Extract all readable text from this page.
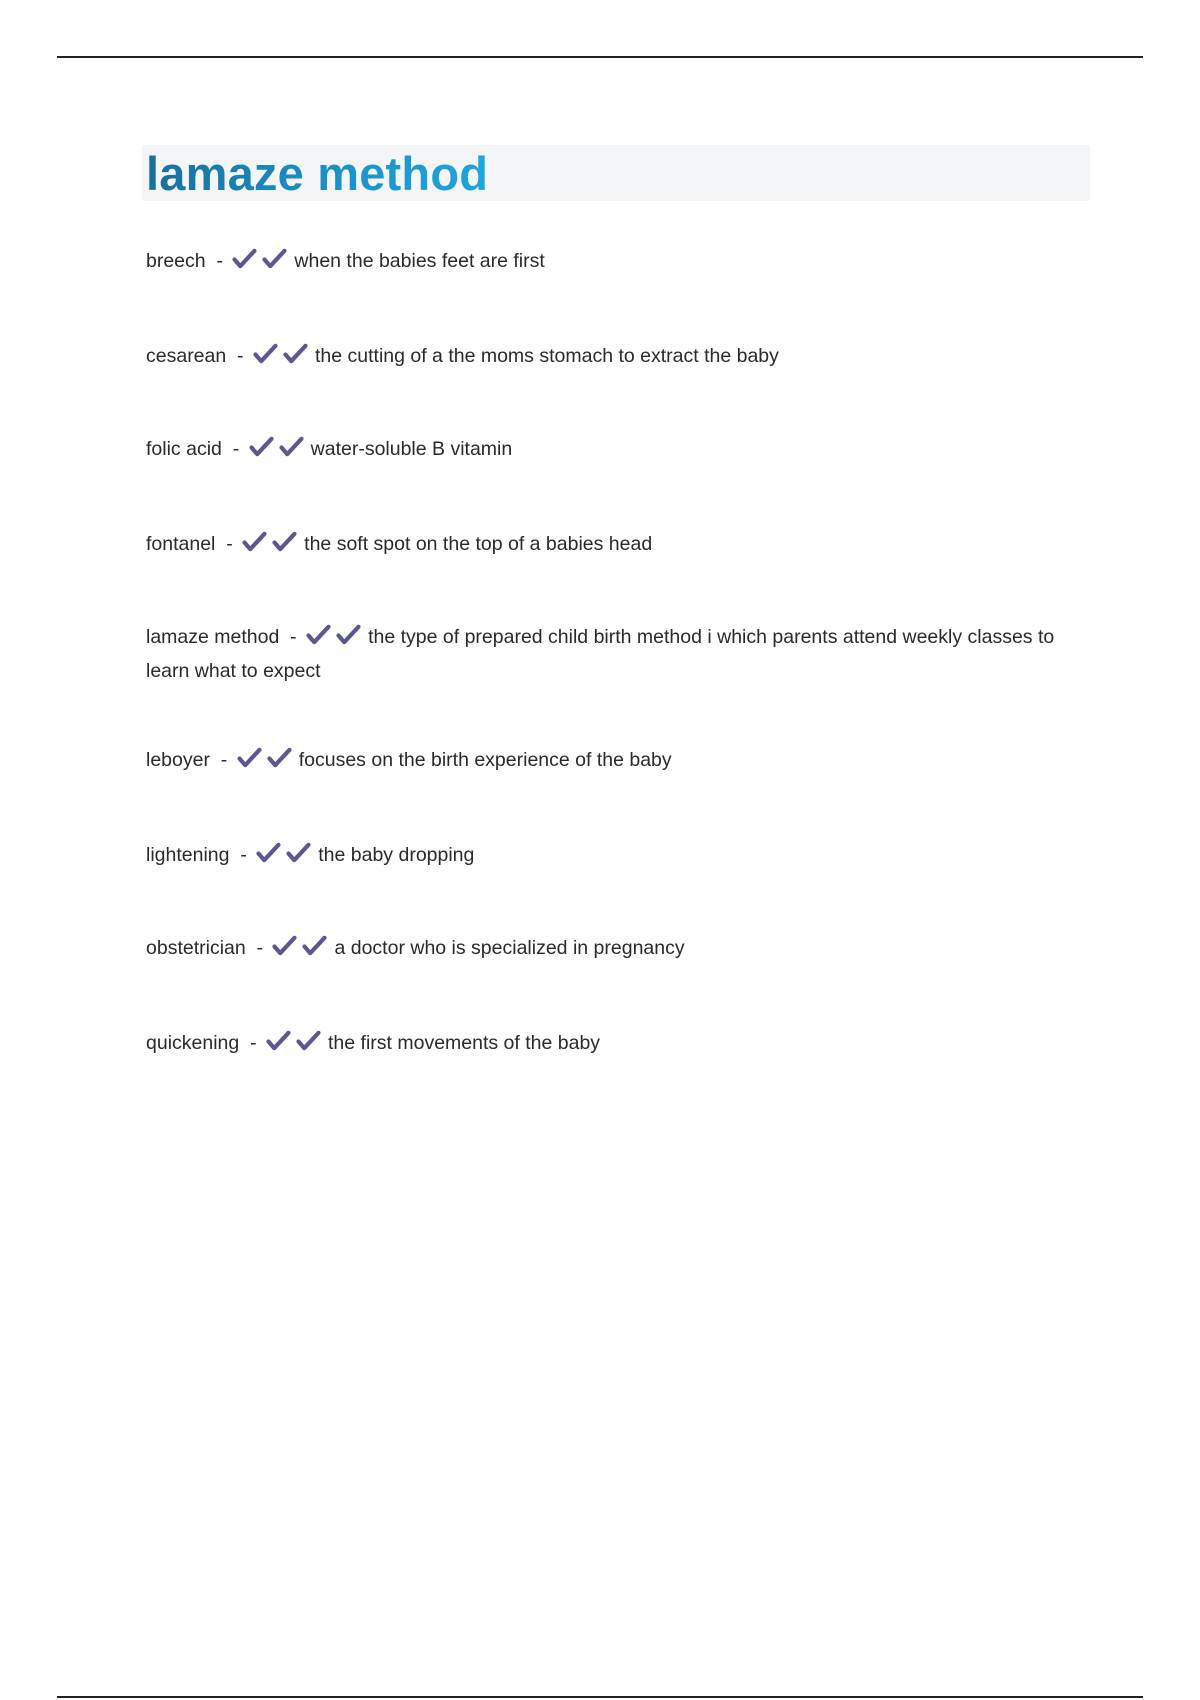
lamaze method
breech  -	when the babies feet are first
cesarean  -	the cutting of a the moms stomach to extract the baby
folic acid  -	water-soluble B vitamin
fontanel  -	the soft spot on the top of a babies head
lamaze method  -	the type of prepared child birth method i which parents attend weekly classes to learn what to expect
leboyer  -	focuses on the birth experience of the baby
lightening  -	the baby dropping
obstetrician  -	a doctor who is specialized in pregnancy
quickening  -	the first movements of the baby
